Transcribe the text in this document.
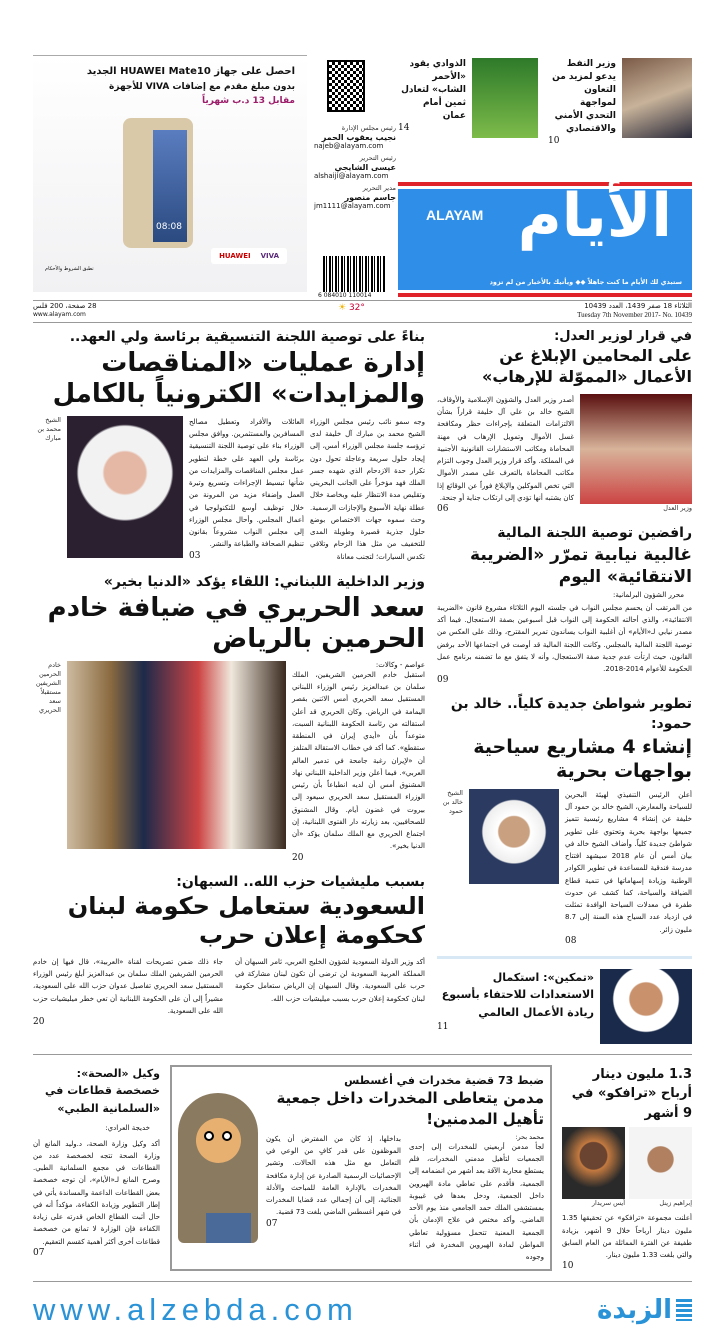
احصل على جهاز HUAWEI Mate10 الجديد
بدون مبلغ مقدم مع إضافات VIVA للأجهزة
مقابل 13 د.ب شهرياً
08:08
HUAWEI VIVA
تطبق الشروط والأحكام
رئيس مجلس الإدارة
نجيب يعقوب الحمر
najeb@alayam.com
رئيس التحرير
عيسى الشايجي
alshaiji@alayam.com
مدير التحرير
جاسم منصور
jm1111@alayam.com
6 084010 110014
وزير النفط يدعو لمزيد من التعاون لمواجهة التحدي الأمني والاقتصادي
10
الذوادي يقود «الأحمر الشاب» لتعادل ثمين أمام عمان
14
ALAYAM الأيام
ستبدي لك الأيام ما كنت جاهلاً ◆◆ ويأتيك بالأخبار من لم تزود
الثلاثاء 18 صفر 1439، العدد 10439
Tuesday 7th November 2017- No. 10439
☀ 32°
28 صفحة، 200 فلس
www.alayam.com
في قرار لوزير العدل:
على المحامين الإبلاغ عن الأعمال «المموّلة للإرهاب»
وزير العدل
أصدر وزير العدل والشؤون الإسلامية والأوقاف، الشيخ خالد بن علي آل خليفة قراراً بشأن الالتزامات المتعلقة بإجراءات حظر ومكافحة غسل الأموال وتمويل الإرهاب في مهنة المحاماة ومكاتب الاستشارات القانونية الأجنبية في المملكة. وأكد قرار وزير العدل وجوب التزام مكاتب المحاماة بالتعرف على مصدر الأموال التي تخص الموكلين والإبلاغ فوراً عن الوقائع إذا كان يشتبه أنها تؤدي إلى ارتكاب جناية أو جنحة.
06
رافضين توصية اللجنة المالية
غالبية نيابية تمرّر «الضريبة الانتقائية» اليوم
محرر الشؤون البرلمانية:
من المرتقب أن يحسم مجلس النواب في جلسته اليوم الثلاثاء مشروع قانون «الضريبة الانتقائية»، والذي أحالته الحكومة إلى النواب قبل أسبوعين بصفة الاستعجال. فيما أكد مصدر نيابي لـ«الأيام» أن أغلبية النواب يساندون تمرير المقترح، وذلك على العكس من توصية اللجنة المالية بالمجلس. وكانت اللجنة المالية قد أوصت في اجتماعها الأحد برفض القانون، حيث ارتأت عدم جدية صفة الاستعجال، وأنه لا يتفق مع ما تضمنه برنامج عمل الحكومة للأعوام 2014-2018.
09
تطوير شواطئ جديدة كلياً.. خالد بن حمود:
إنشاء 4 مشاريع سياحية بواجهات بحرية
أعلن الرئيس التنفيذي لهيئة البحرين للسياحة والمعارض، الشيخ خالد بن حمود آل خليفة عن إنشاء 4 مشاريع رئيسية تتميز جميعها بواجهة بحرية وتحتوي على تطوير شواطئ جديدة كلياً. وأضاف الشيخ خالد في بيان أمس أن عام 2018 سيشهد افتتاح مدرسة فندقية للمساعدة في تطوير الكوادر الوطنية وزيادة إسهاماتها في تنمية قطاع الضيافة والسياحة، كما كشف عن حدوث طفرة في معدلات السياحة الوافدة تمثلت في ازدياد عدد السياح هذه السنة إلى 8.7 مليون زائر.
08
الشيخ خالد بن حمود
«تمكين»: استكمال الاستعدادات للاحتفاء بأسبوع ريادة الأعمال العالمي
11
بناءً على توصية اللجنة التنسيقية برئاسة ولي العهد..
إدارة عمليات «المناقصات والمزايدات» الكترونياً بالكامل
وجه سمو نائب رئيس مجلس الوزراء الشيخ محمد بن مبارك آل خليفة لدى ترؤسه جلسة مجلس الوزراء أمس، إلى إيجاد حلول سريعة وعاجلة تحول دون تكرار حدة الازدحام الذي شهده جسر الملك فهد مؤخراً على الجانب البحريني وتقليص مدة الانتظار عليه وبخاصة خلال عطلة نهاية الأسبوع والإجازات الرسمية. وحث سموه جهات الاختصاص بوضع حلول جذرية قصيرة وطويلة المدى للتخفيف من مثل هذا الزحام وتلافي تكدس السيارات؛ لتجنب معاناة
العائلات والأفراد وتعطيل مصالح المسافرين والمستثمرين. ووافق مجلس الوزراء بناء على توصية اللجنة التنسيقية برئاسة ولي العهد على خطة لتطوير عمل مجلس المناقصات والمزايدات من شأنها تبسيط الإجراءات وتسريع وتيرة العمل وإضفاء مزيد من المرونة من خلال توظيف أوسع للتكنولوجيا في أعمال المجلس. وأحال مجلس الوزراء إلى مجلس النواب مشروعاً بقانون تنظيم الصحافة والطباعة والنشر.
03
الشيخ محمد بن مبارك
وزير الداخلية اللبناني: اللقاء يؤكد «الدنيا بخير»
سعد الحريري في ضيافة خادم الحرمين بالرياض
عواصم - وكالات:
استقبل خادم الحرمين الشريفين، الملك سلمان بن عبدالعزيز رئيس الوزراء اللبناني المستقيل سعد الحريري أمس الاثنين بقصر اليمامة في الرياض. وكان الحريري قد أعلن استقالته من رئاسة الحكومة اللبنانية السبت، متوعداً بأن «أيدي إيران في المنطقة ستقطع». كما أكد في خطاب الاستقالة المتلفز أن «لإيران رغبة جامحة في تدمير العالم العربي». فيما أعلن وزير الداخلية اللبناني نهاد المشنوق أمس أن لديه انطباعاً بأن رئيس الوزراء المستقيل سعد الحريري سيعود إلى بيروت في غضون أيام. وقال المشنوق للصحافيين، بعد زيارته دار الفتوى اللبنانية، إن اجتماع الحريري مع الملك سلمان يؤكد «أن الدنيا بخير».
20
خادم الحرمين الشريفين مستقبلاً سعد الحريري
بسبب مليشيات حزب الله.. السبهان:
السعودية ستعامل حكومة لبنان كحكومة إعلان حرب
أكد وزير الدولة السعودية لشؤون الخليج العربي، ثامر السبهان أن المملكة العربية السعودية لن ترضى أن تكون لبنان مشاركة في حرب على السعودية. وقال السبهان إن الرياض ستعامل حكومة لبنان كحكومة إعلان حرب بسبب ميليشيات حزب الله.
جاء ذلك ضمن تصريحات لقناة «العربية»، قال فيها إن خادم الحرمين الشريفين الملك سلمان بن عبدالعزيز أبلغ رئيس الوزراء المستقيل سعد الحريري تفاصيل عدوان حزب الله على السعودية، مشيراً إلى أن على الحكومة اللبنانية أن تعي خطر ميليشيات حزب الله على السعودية.
20
1.3 مليون دينار أرباح «ترافكو» في 9 أشهر
إبراهيم زينل
أيس سريدار
أعلنت مجموعة «ترافكو» عن تحقيقها 1.35 مليون دينار أرباحاً خلال 9 أشهر، بزيادة طفيفة عن الفترة المماثلة من العام السابق والتي بلغت 1.33 مليون دينار.
10
ضبط 73 قضية مخدرات في أغسطس
مدمن يتعاطى المخدرات داخل جمعية تأهيل المدمنين!
محمد بحر:
لجأ مدمن أربعيني للمخدرات إلى إحدى الجمعيات لتأهيل مدمني المخدرات، فلم يستطع محاربة الآفة بعد أشهر من انضمامه إلى الجمعية، فأقدم على تعاطي مادة الهيروين داخل الجمعية، ودخل بعدها في غيبوبة بمستشفى الملك حمد الجامعي منذ يوم الأحد الماضي. وأكد مختص في علاج الإدمان بأن الجمعية المعنية تتحمل مسؤولية تعاطي المواطن لمادة الهيروين المخدرة في أثناء وجوده
بداخلها، إذ كان من المفترض أن يكون الموظفون على قدر كافٍ من الوعي في التعامل مع مثل هذه الحالات. وتشير الإحصائيات الرسمية الصادرة عن إدارة مكافحة المخدرات بالإدارة العامة للمباحث والأدلة الجنائية، إلى أن إجمالي عدد قضايا المخدرات في شهر أغسطس الماضي بلغت 73 قضية.
07
وكيل «الصحة»: خصخصة قطاعات في «السلمانية الطبي»
خديجة العرادي:
أكد وكيل وزارة الصحة، د.وليد المانع أن وزارة الصحة تتجه لخصخصة عدد من القطاعات في مجمع السلمانية الطبي. وصرح المانع لـ«الأيام»، أن توجه خصخصة بعض القطاعات الداعمة والمساندة يأتي في إطار التطوير وزيادة الكفاءة، مؤكداً أنه في حال أثبت القطاع الخاص قدرته على زيادة الكفاءة فإن الوزارة لا تمانع من خصخصة قطاعات أخرى أكثر أهمية كقسم التعقيم.
07
www.alzebda.com	الزبدة
